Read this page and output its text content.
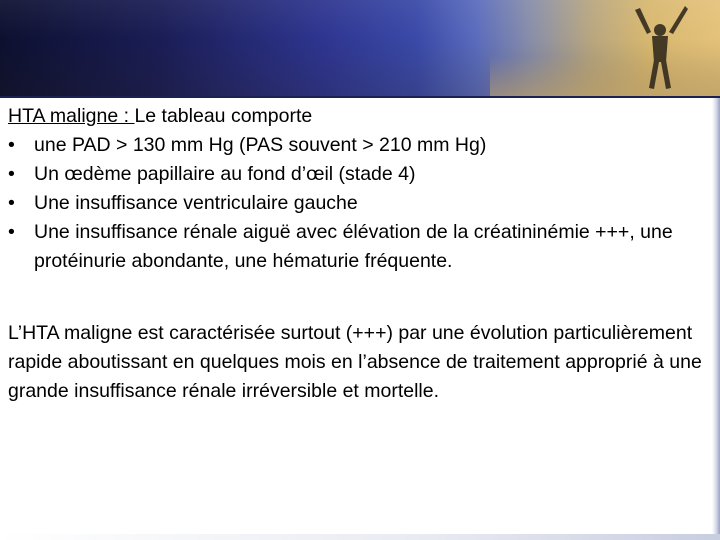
HTA maligne : Le tableau comporte
• une PAD > 130 mm Hg (PAS souvent > 210 mm Hg)
• Un œdème papillaire au fond d’œil (stade 4)
• Une insuffisance ventriculaire gauche
• Une insuffisance rénale aiguë avec élévation de la créatininémie +++, une protéinurie abondante, une hématurie fréquente.
L’HTA maligne est caractérisée surtout (+++) par une évolution particulièrement rapide aboutissant en quelques mois en l’absence de traitement approprié à une grande insuffisance rénale irréversible et mortelle.
